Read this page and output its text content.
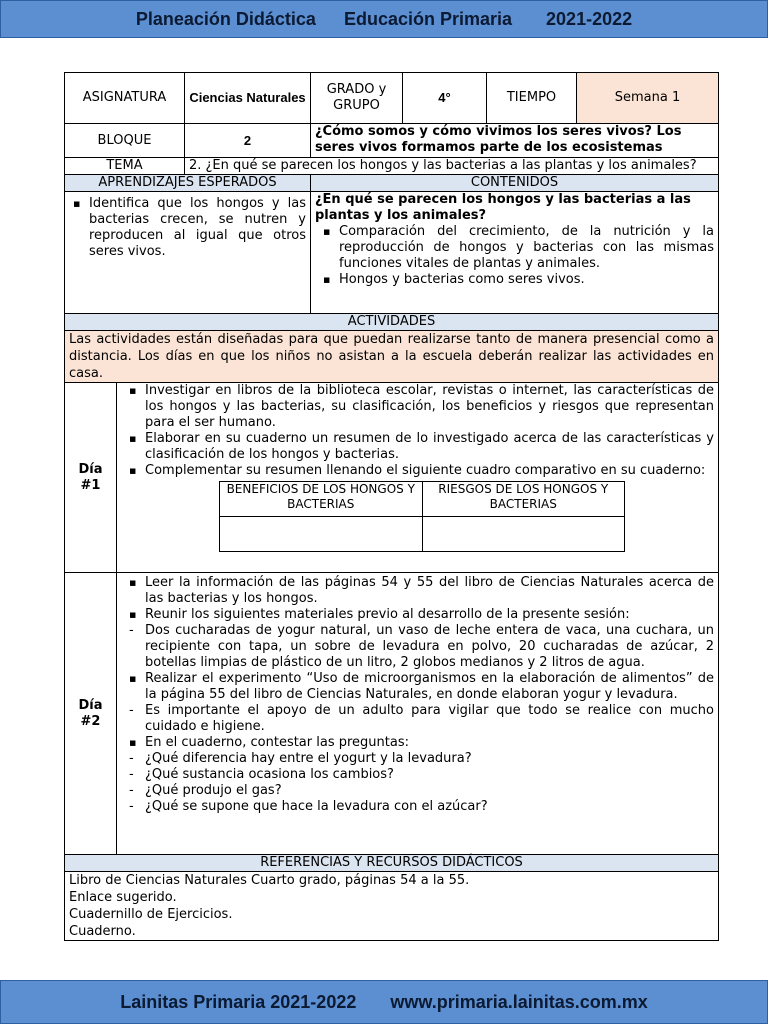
Planeación Didáctica Educación Primaria 2021-2022
ASIGNATURA	Ciencias Naturales	GRADO y GRUPO	4°	TIEMPO	Semana 1
BLOQUE	2	¿Cómo somos y cómo vivimos los seres vivos? Los seres vivos formamos parte de los ecosistemas
TEMA	2. ¿En qué se parecen los hongos y las bacterias a las plantas y los animales?
APRENDIZAJES ESPERADOS	CONTENIDOS

▪ Identifica que los hongos y las bacterias crecen, se nutren y reproducen al igual que otros seres vivos.

¿En qué se parecen los hongos y las bacterias a las plantas y los animales?
▪ Comparación del crecimiento, de la nutrición y la reproducción de hongos y bacterias con las mismas funciones vitales de plantas y animales.
▪ Hongos y bacterias como seres vivos.

ACTIVIDADES
Las actividades están diseñadas para que puedan realizarse tanto de manera presencial como a distancia. Los días en que los niños no asistan a la escuela deberán realizar las actividades en casa.
Día #1	
▪ Investigar en libros de la biblioteca escolar, revistas o internet, las características de los hongos y las bacterias, su clasificación, los beneficios y riesgos que representan para el ser humano.
▪ Elaborar en su cuaderno un resumen de lo investigado acerca de las características y clasificación de los hongos y bacterias.
▪ Complementar su resumen llenando el siguiente cuadro comparativo en su cuaderno:
BENEFICIOS DE LOS HONGOS Y BACTERIAS	RIESGOS DE LOS HONGOS Y BACTERIAS

Día #2	
▪ Leer la información de las páginas 54 y 55 del libro de Ciencias Naturales acerca de las bacterias y los hongos.
▪ Reunir los siguientes materiales previo al desarrollo de la presente sesión:
- Dos cucharadas de yogur natural, un vaso de leche entera de vaca, una cuchara, un recipiente con tapa, un sobre de levadura en polvo, 20 cucharadas de azúcar, 2 botellas limpias de plástico de un litro, 2 globos medianos y 2 litros de agua.
▪ Realizar el experimento “Uso de microorganismos en la elaboración de alimentos” de la página 55 del libro de Ciencias Naturales, en donde elaboran yogur y levadura.
- Es importante el apoyo de un adulto para vigilar que todo se realice con mucho cuidado e higiene.
▪ En el cuaderno, contestar las preguntas:
- ¿Qué diferencia hay entre el yogurt y la levadura?
- ¿Qué sustancia ocasiona los cambios?
- ¿Qué produjo el gas?
- ¿Qué se supone que hace la levadura con el azúcar?

REFERENCIAS Y RECURSOS DIDÁCTICOS

Libro de Ciencias Naturales Cuarto grado, páginas 54 a la 55.
Enlace sugerido.
Cuadernillo de Ejercicios.
Cuaderno.
Lainitas Primaria 2021-2022 www.primaria.lainitas.com.mx
